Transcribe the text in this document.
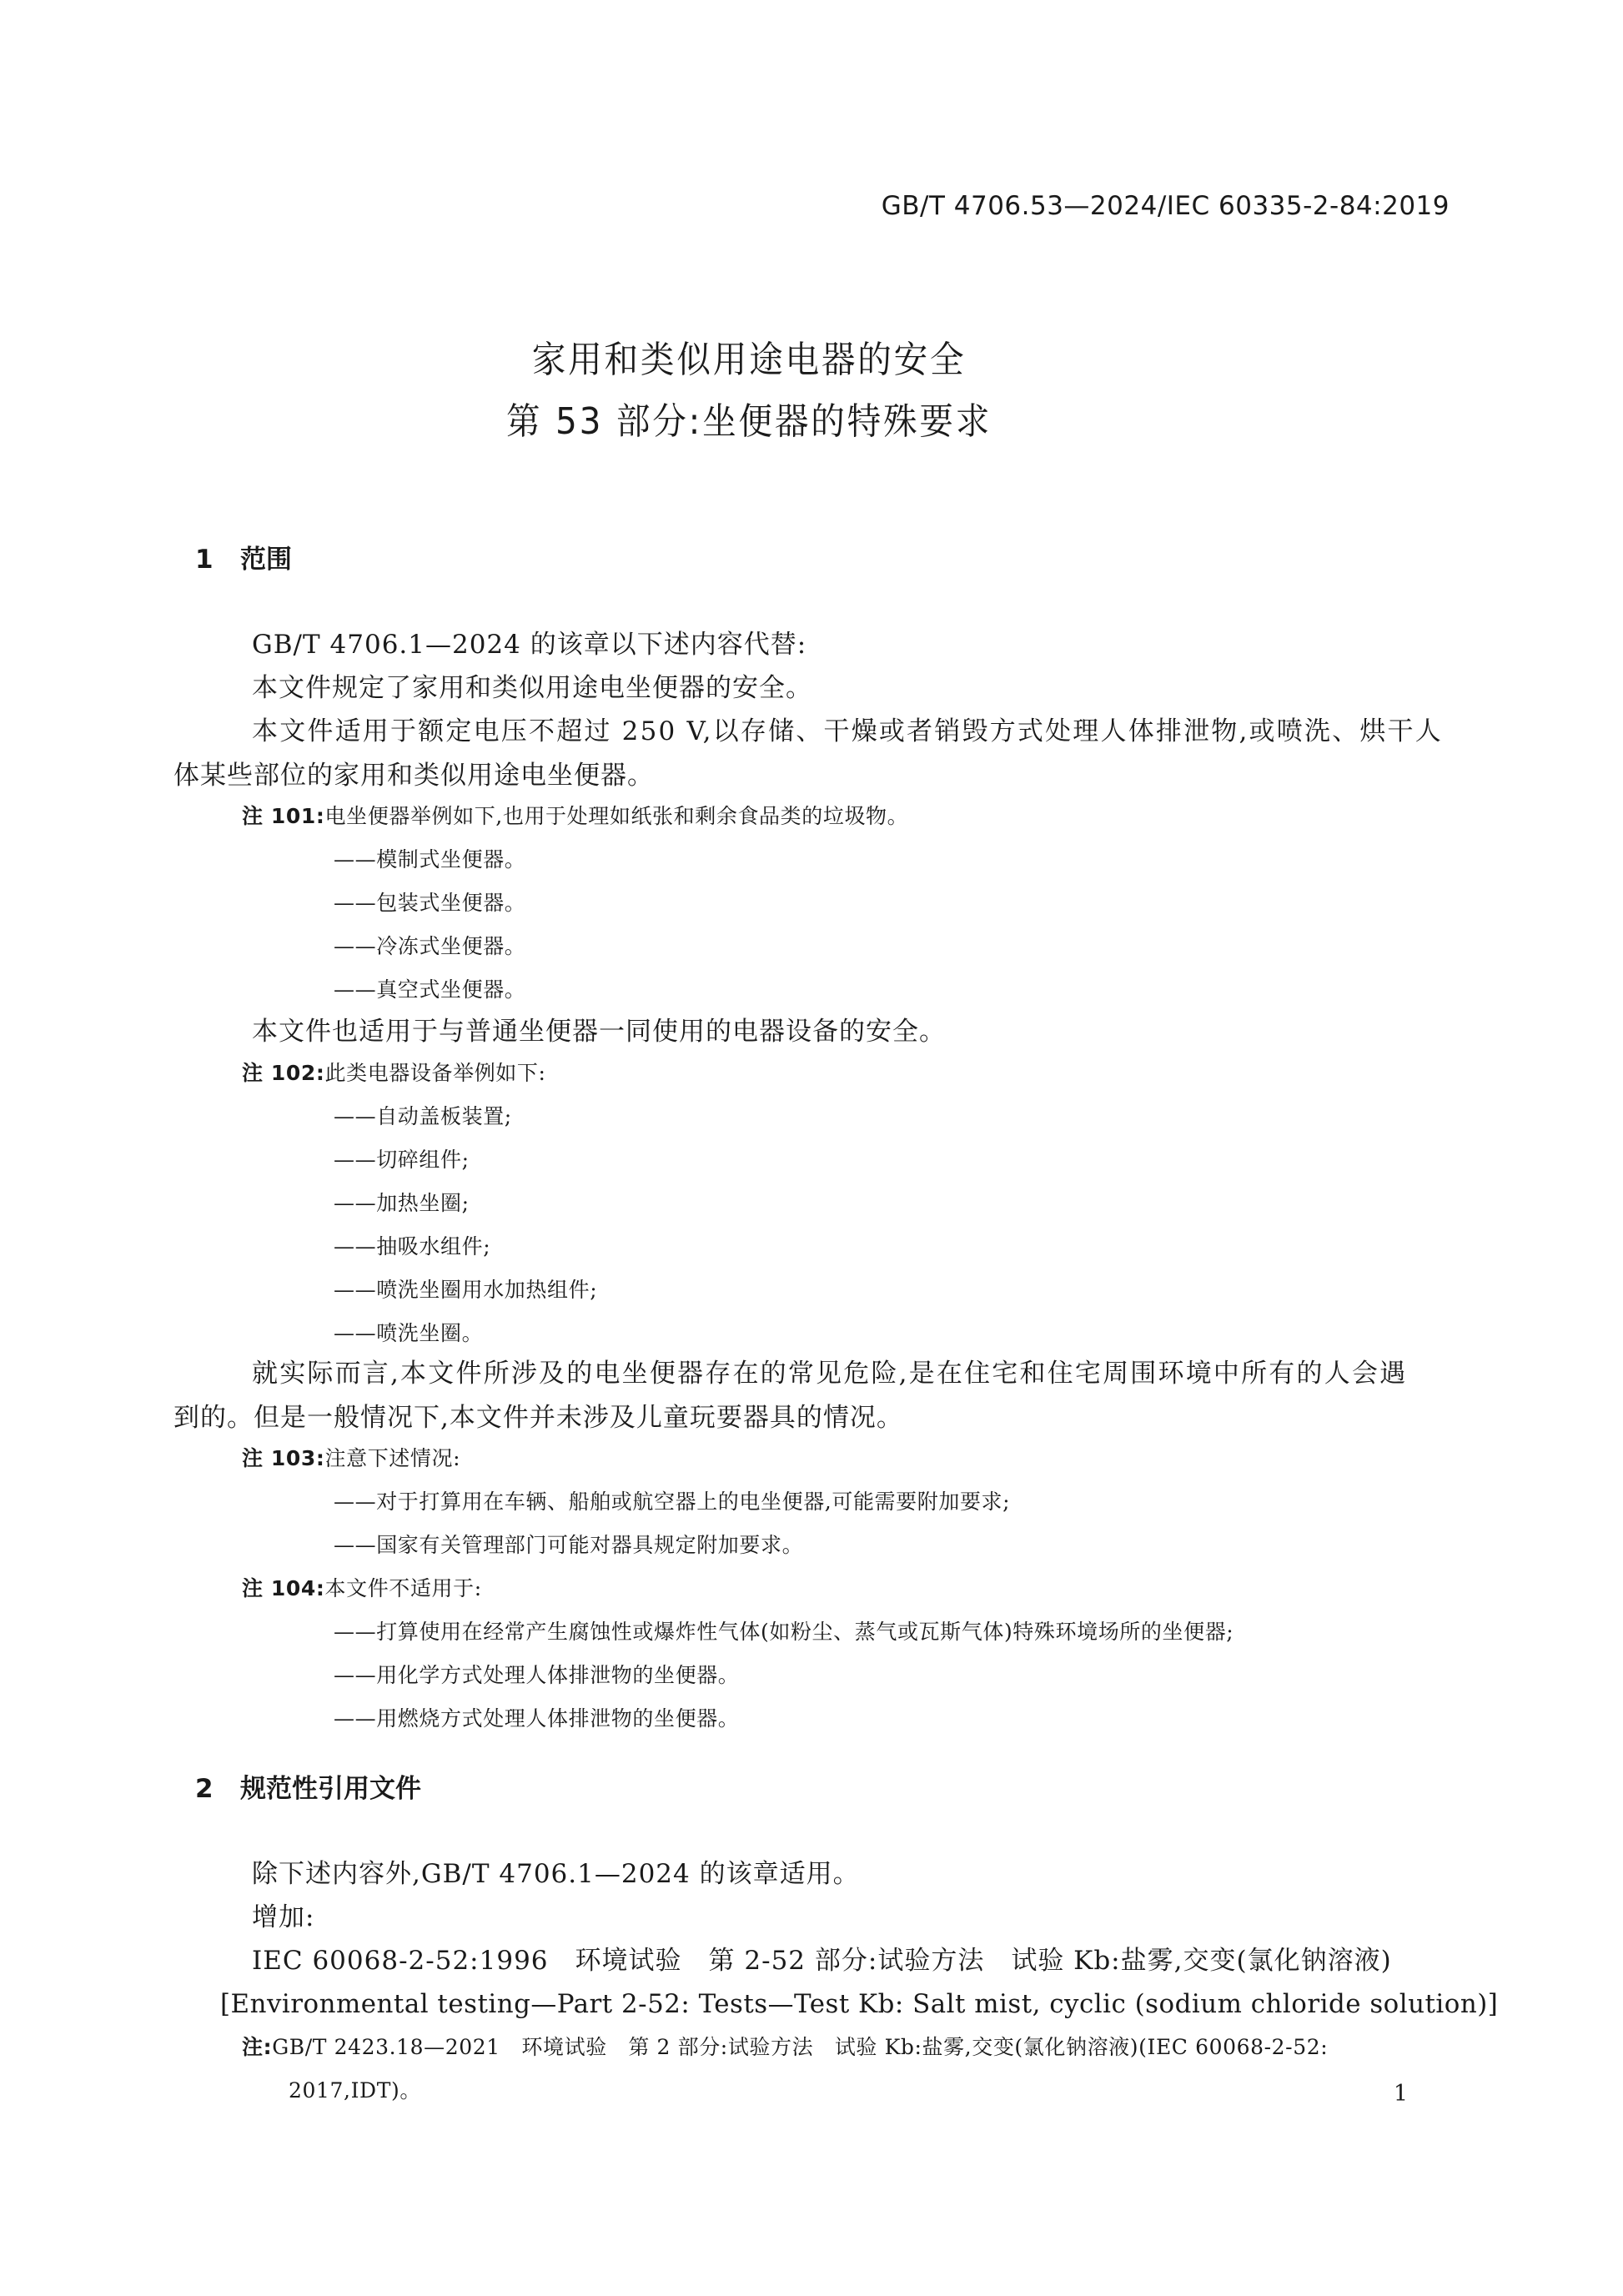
GB/T 4706.53—2024/IEC 60335-2-84:2019
家用和类似用途电器的安全
第 53 部分:坐便器的特殊要求
1 范围
GB/T 4706.1—2024 的该章以下述内容代替:
本文件规定了家用和类似用途电坐便器的安全。
本文件适用于额定电压不超过 250 V,以存储、干燥或者销毁方式处理人体排泄物,或喷洗、烘干人
体某些部位的家用和类似用途电坐便器。
注 101:电坐便器举例如下,也用于处理如纸张和剩余食品类的垃圾物。
——模制式坐便器。
——包装式坐便器。
——冷冻式坐便器。
——真空式坐便器。
本文件也适用于与普通坐便器一同使用的电器设备的安全。
注 102:此类电器设备举例如下:
——自动盖板装置;
——切碎组件;
——加热坐圈;
——抽吸水组件;
——喷洗坐圈用水加热组件;
——喷洗坐圈。
就实际而言,本文件所涉及的电坐便器存在的常见危险,是在住宅和住宅周围环境中所有的人会遇
到的。但是一般情况下,本文件并未涉及儿童玩要器具的情况。
注 103:注意下述情况:
——对于打算用在车辆、船舶或航空器上的电坐便器,可能需要附加要求;
——国家有关管理部门可能对器具规定附加要求。
注 104:本文件不适用于:
——打算使用在经常产生腐蚀性或爆炸性气体(如粉尘、蒸气或瓦斯气体)特殊环境场所的坐便器;
——用化学方式处理人体排泄物的坐便器。
——用燃烧方式处理人体排泄物的坐便器。
2 规范性引用文件
除下述内容外,GB/T 4706.1—2024 的该章适用。
增加:
IEC 60068-2-52:1996　环境试验　第 2-52 部分:试验方法　试验 Kb:盐雾,交变(氯化钠溶液)
[Environmental testing—Part 2-52: Tests—Test Kb: Salt mist, cyclic (sodium chloride solution)]
注:GB/T 2423.18—2021　环境试验　第 2 部分:试验方法　试验 Kb:盐雾,交变(氯化钠溶液)(IEC 60068-2-52:
2017,IDT)。	1
